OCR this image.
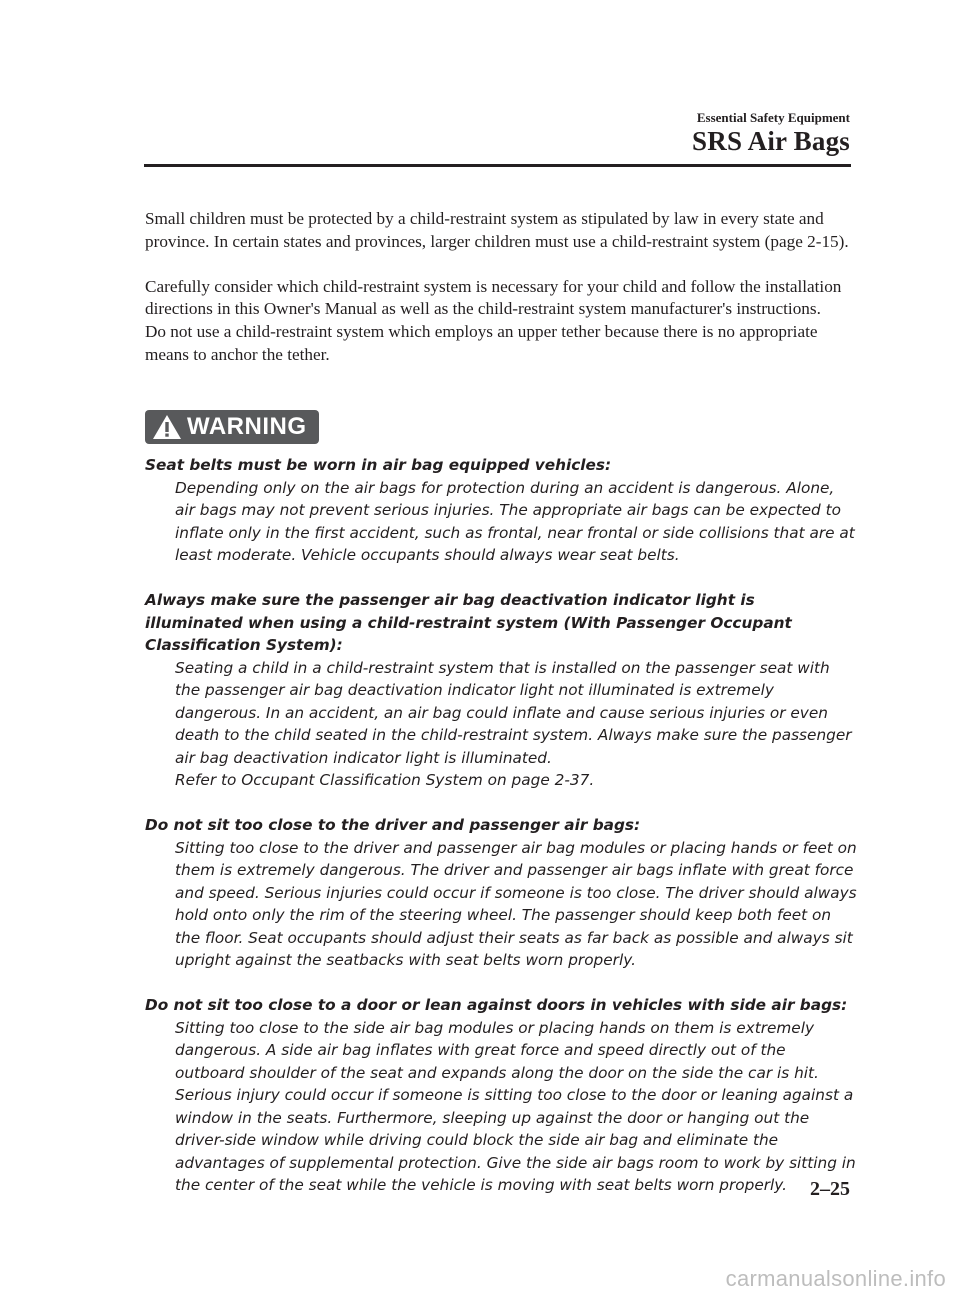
Essential Safety Equipment
SRS Air Bags

Small children must be protected by a child-restraint system as stipulated by law in every state and province. In certain states and provinces, larger children must use a child-restraint system (page 2-15).

Carefully consider which child-restraint system is necessary for your child and follow the installation directions in this Owner's Manual as well as the child-restraint system manufacturer's instructions.

Do not use a child-restraint system which employs an upper tether because there is no appropriate means to anchor the tether.

WARNING

Seat belts must be worn in air bag equipped vehicles:

Depending only on the air bags for protection during an accident is dangerous. Alone, air bags may not prevent serious injuries. The appropriate air bags can be expected to inflate only in the first accident, such as frontal, near frontal or side collisions that are at least moderate. Vehicle occupants should always wear seat belts.

Always make sure the passenger air bag deactivation indicator light is illuminated when using a child-restraint system (With Passenger Occupant Classification System):

Seating a child in a child-restraint system that is installed on the passenger seat with the passenger air bag deactivation indicator light not illuminated is extremely dangerous. In an accident, an air bag could inflate and cause serious injuries or even death to the child seated in the child-restraint system. Always make sure the passenger air bag deactivation indicator light is illuminated.

Refer to Occupant Classification System on page 2-37.

Do not sit too close to the driver and passenger air bags:

Sitting too close to the driver and passenger air bag modules or placing hands or feet on them is extremely dangerous. The driver and passenger air bags inflate with great force and speed. Serious injuries could occur if someone is too close. The driver should always hold onto only the rim of the steering wheel. The passenger should keep both feet on the floor. Seat occupants should adjust their seats as far back as possible and always sit upright against the seatbacks with seat belts worn properly.

Do not sit too close to a door or lean against doors in vehicles with side air bags:

Sitting too close to the side air bag modules or placing hands on them is extremely dangerous. A side air bag inflates with great force and speed directly out of the outboard shoulder of the seat and expands along the door on the side the car is hit. Serious injury could occur if someone is sitting too close to the door or leaning against a window in the seats. Furthermore, sleeping up against the door or hanging out the driver-side window while driving could block the side air bag and eliminate the advantages of supplemental protection. Give the side air bags room to work by sitting in the center of the seat while the vehicle is moving with seat belts worn properly.	2–25
carmanualsonline.info
